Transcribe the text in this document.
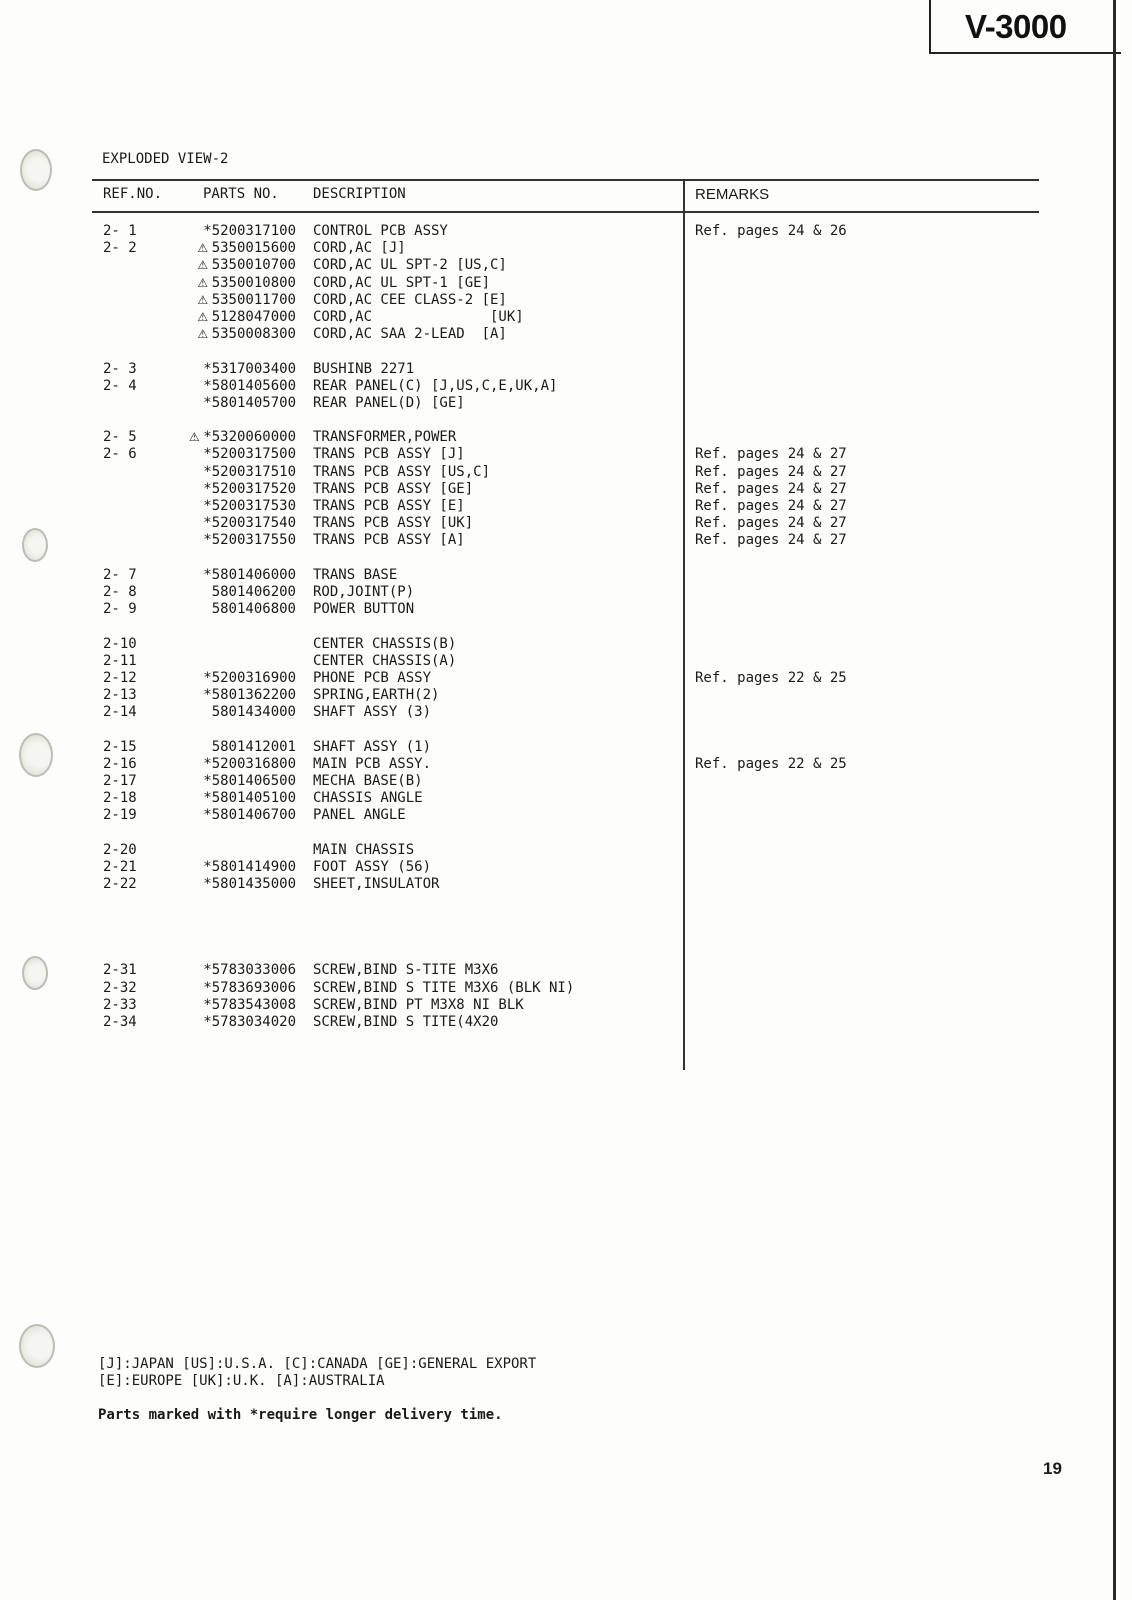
V-3000
EXPLODED VIEW-2
REF.NO.	PARTS NO. DESCRIPTION	REMARKS
2- 1	*5200317100 CONTROL PCB ASSY	Ref. pages 24 & 26
2- 2	⚠ 5350015600 CORD,AC [J]
⚠ 5350010700 CORD,AC UL SPT-2 [US,C]
⚠ 5350010800 CORD,AC UL SPT-1 [GE]
⚠ 5350011700 CORD,AC CEE CLASS-2 [E]
⚠ 5128047000 CORD,AC              [UK]
⚠ 5350008300 CORD,AC SAA 2-LEAD  [A]
2- 3	*5317003400 BUSHINB 2271
2- 4	*5801405600 REAR PANEL(C) [J,US,C,E,UK,A]
*5801405700 REAR PANEL(D) [GE]
2- 5	⚠ *5320060000 TRANSFORMER,POWER
2- 6	*5200317500 TRANS PCB ASSY [J]	Ref. pages 24 & 27
*5200317510 TRANS PCB ASSY [US,C]	Ref. pages 24 & 27
*5200317520 TRANS PCB ASSY [GE]	Ref. pages 24 & 27
*5200317530 TRANS PCB ASSY [E]	Ref. pages 24 & 27
*5200317540 TRANS PCB ASSY [UK]	Ref. pages 24 & 27
*5200317550 TRANS PCB ASSY [A]	Ref. pages 24 & 27
2- 7	*5801406000 TRANS BASE
2- 8	5801406200 ROD,JOINT(P)
2- 9	5801406800 POWER BUTTON
2-10	CENTER CHASSIS(B)
2-11	CENTER CHASSIS(A)
2-12	*5200316900 PHONE PCB ASSY	Ref. pages 22 & 25
2-13	*5801362200 SPRING,EARTH(2)
2-14	5801434000 SHAFT ASSY (3)
2-15	5801412001 SHAFT ASSY (1)
2-16	*5200316800 MAIN PCB ASSY.	Ref. pages 22 & 25
2-17	*5801406500 MECHA BASE(B)
2-18	*5801405100 CHASSIS ANGLE
2-19	*5801406700 PANEL ANGLE
2-20	MAIN CHASSIS
2-21	*5801414900 FOOT ASSY (56)
2-22	*5801435000 SHEET,INSULATOR
2-31	*5783033006 SCREW,BIND S-TITE M3X6
2-32	*5783693006 SCREW,BIND S TITE M3X6 (BLK NI)
2-33	*5783543008 SCREW,BIND PT M3X8 NI BLK
2-34	*5783034020 SCREW,BIND S TITE(4X20
[J]:JAPAN [US]:U.S.A. [C]:CANADA [GE]:GENERAL EXPORT
[E]:EUROPE [UK]:U.K. [A]:AUSTRALIA
Parts marked with *require longer delivery time.
19
